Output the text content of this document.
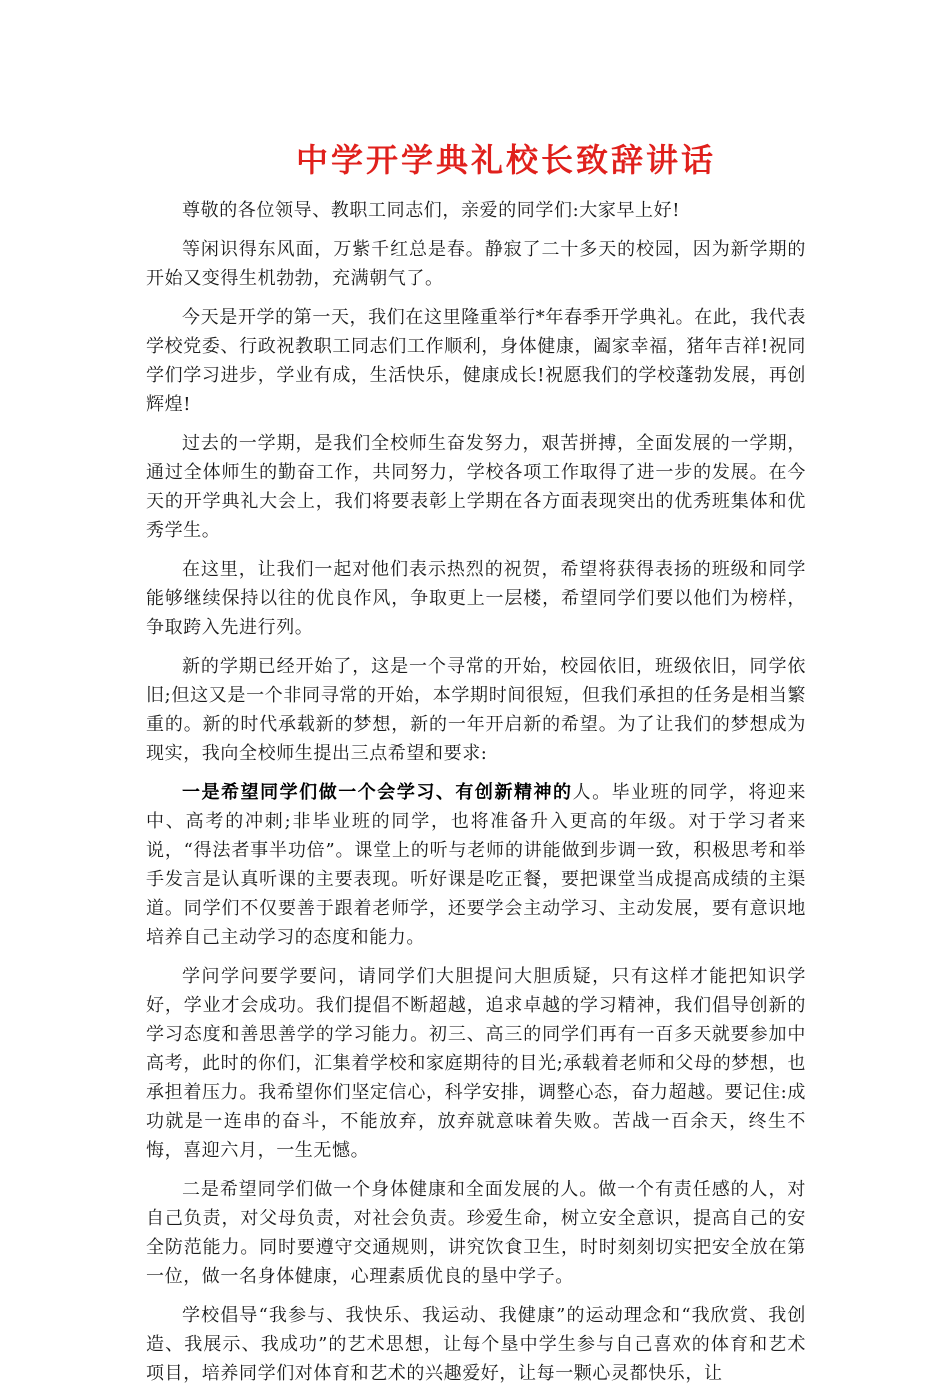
中学开学典礼校长致辞讲话

尊敬的各位领导、教职工同志们，亲爱的同学们:大家早上好!

等闲识得东风面，万紫千红总是春。静寂了二十多天的校园，因为新学期的开始又变得生机勃勃，充满朝气了。

今天是开学的第一天，我们在这里隆重举行*年春季开学典礼。在此，我代表学校党委、行政祝教职工同志们工作顺利，身体健康，阖家幸福，猪年吉祥!祝同学们学习进步，学业有成，生活快乐，健康成长!祝愿我们的学校蓬勃发展，再创辉煌!

过去的一学期，是我们全校师生奋发努力，艰苦拼搏，全面发展的一学期，通过全体师生的勤奋工作，共同努力，学校各项工作取得了进一步的发展。在今天的开学典礼大会上，我们将要表彰上学期在各方面表现突出的优秀班集体和优秀学生。

在这里，让我们一起对他们表示热烈的祝贺，希望将获得表扬的班级和同学能够继续保持以往的优良作风，争取更上一层楼，希望同学们要以他们为榜样，争取跨入先进行列。

新的学期已经开始了，这是一个寻常的开始，校园依旧，班级依旧，同学依旧;但这又是一个非同寻常的开始，本学期时间很短，但我们承担的任务是相当繁重的。新的时代承载新的梦想，新的一年开启新的希望。为了让我们的梦想成为现实，我向全校师生提出三点希望和要求:

一是希望同学们做一个会学习、有创新精神的人。毕业班的同学，将迎来中、高考的冲刺;非毕业班的同学，也将准备升入更高的年级。对于学习者来说，“得法者事半功倍”。课堂上的听与老师的讲能做到步调一致，积极思考和举手发言是认真听课的主要表现。听好课是吃正餐，要把课堂当成提高成绩的主渠道。同学们不仅要善于跟着老师学，还要学会主动学习、主动发展，要有意识地培养自己主动学习的态度和能力。

学问学问要学要问，请同学们大胆提问大胆质疑，只有这样才能把知识学好，学业才会成功。我们提倡不断超越，追求卓越的学习精神，我们倡导创新的学习态度和善思善学的学习能力。初三、高三的同学们再有一百多天就要参加中高考，此时的你们，汇集着学校和家庭期待的目光;承载着老师和父母的梦想，也承担着压力。我希望你们坚定信心，科学安排，调整心态，奋力超越。要记住:成功就是一连串的奋斗，不能放弃，放弃就意味着失败。苦战一百余天，终生不悔，喜迎六月，一生无憾。

二是希望同学们做一个身体健康和全面发展的人。做一个有责任感的人，对自己负责，对父母负责，对社会负责。珍爱生命，树立安全意识，提高自己的安全防范能力。同时要遵守交通规则，讲究饮食卫生，时时刻刻切实把安全放在第一位，做一名身体健康，心理素质优良的垦中学子。

学校倡导“我参与、我快乐、我运动、我健康”的运动理念和“我欣赏、我创造、我展示、我成功”的艺术思想，让每个垦中学生参与自己喜欢的体育和艺术项目，培养同学们对体育和艺术的兴趣爱好，让每一颗心灵都快乐，让
